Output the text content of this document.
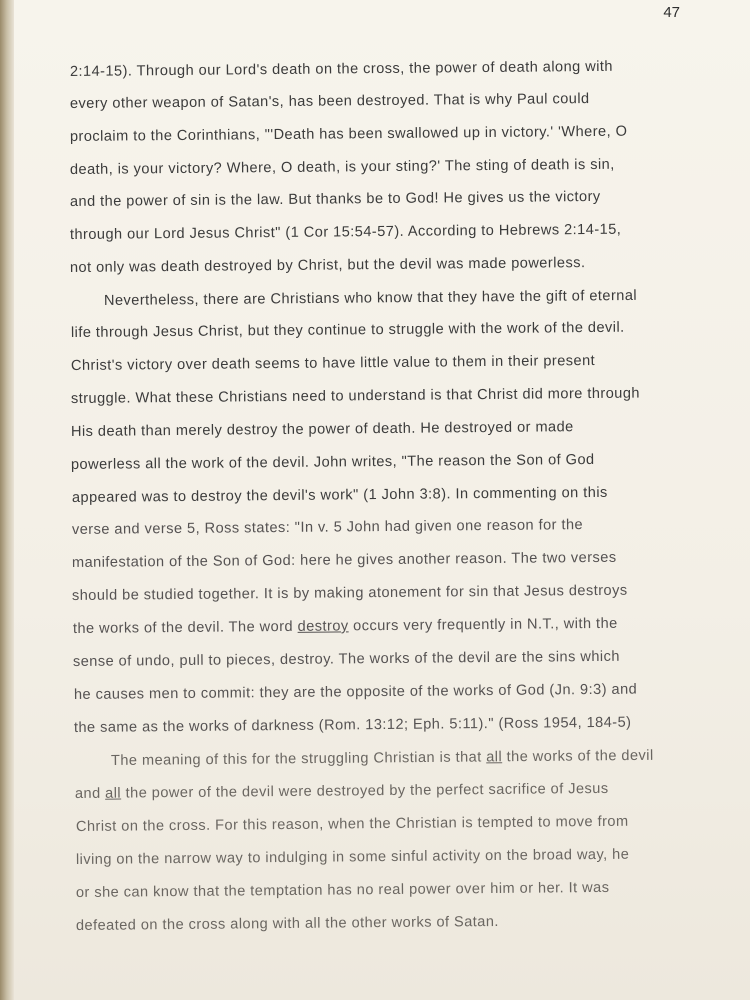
47
2:14-15). Through our Lord's death on the cross, the power of death along with
every other weapon of Satan's, has been destroyed. That is why Paul could
proclaim to the Corinthians, "'Death has been swallowed up in victory.' 'Where, O
death, is your victory? Where, O death, is your sting?' The sting of death is sin,
and the power of sin is the law. But thanks be to God! He gives us the victory
through our Lord Jesus Christ" (1 Cor 15:54-57). According to Hebrews 2:14-15,
not only was death destroyed by Christ, but the devil was made powerless.
Nevertheless, there are Christians who know that they have the gift of eternal
life through Jesus Christ, but they continue to struggle with the work of the devil.
Christ's victory over death seems to have little value to them in their present
struggle. What these Christians need to understand is that Christ did more through
His death than merely destroy the power of death. He destroyed or made
powerless all the work of the devil. John writes, "The reason the Son of God
appeared was to destroy the devil's work" (1 John 3:8). In commenting on this
verse and verse 5, Ross states: "In v. 5 John had given one reason for the
manifestation of the Son of God: here he gives another reason. The two verses
should be studied together. It is by making atonement for sin that Jesus destroys
the works of the devil. The word destroy occurs very frequently in N.T., with the
sense of undo, pull to pieces, destroy. The works of the devil are the sins which
he causes men to commit: they are the opposite of the works of God (Jn. 9:3) and
the same as the works of darkness (Rom. 13:12; Eph. 5:11)." (Ross 1954, 184-5)
The meaning of this for the struggling Christian is that all the works of the devil
and all the power of the devil were destroyed by the perfect sacrifice of Jesus
Christ on the cross. For this reason, when the Christian is tempted to move from
living on the narrow way to indulging in some sinful activity on the broad way, he
or she can know that the temptation has no real power over him or her. It was
defeated on the cross along with all the other works of Satan.
